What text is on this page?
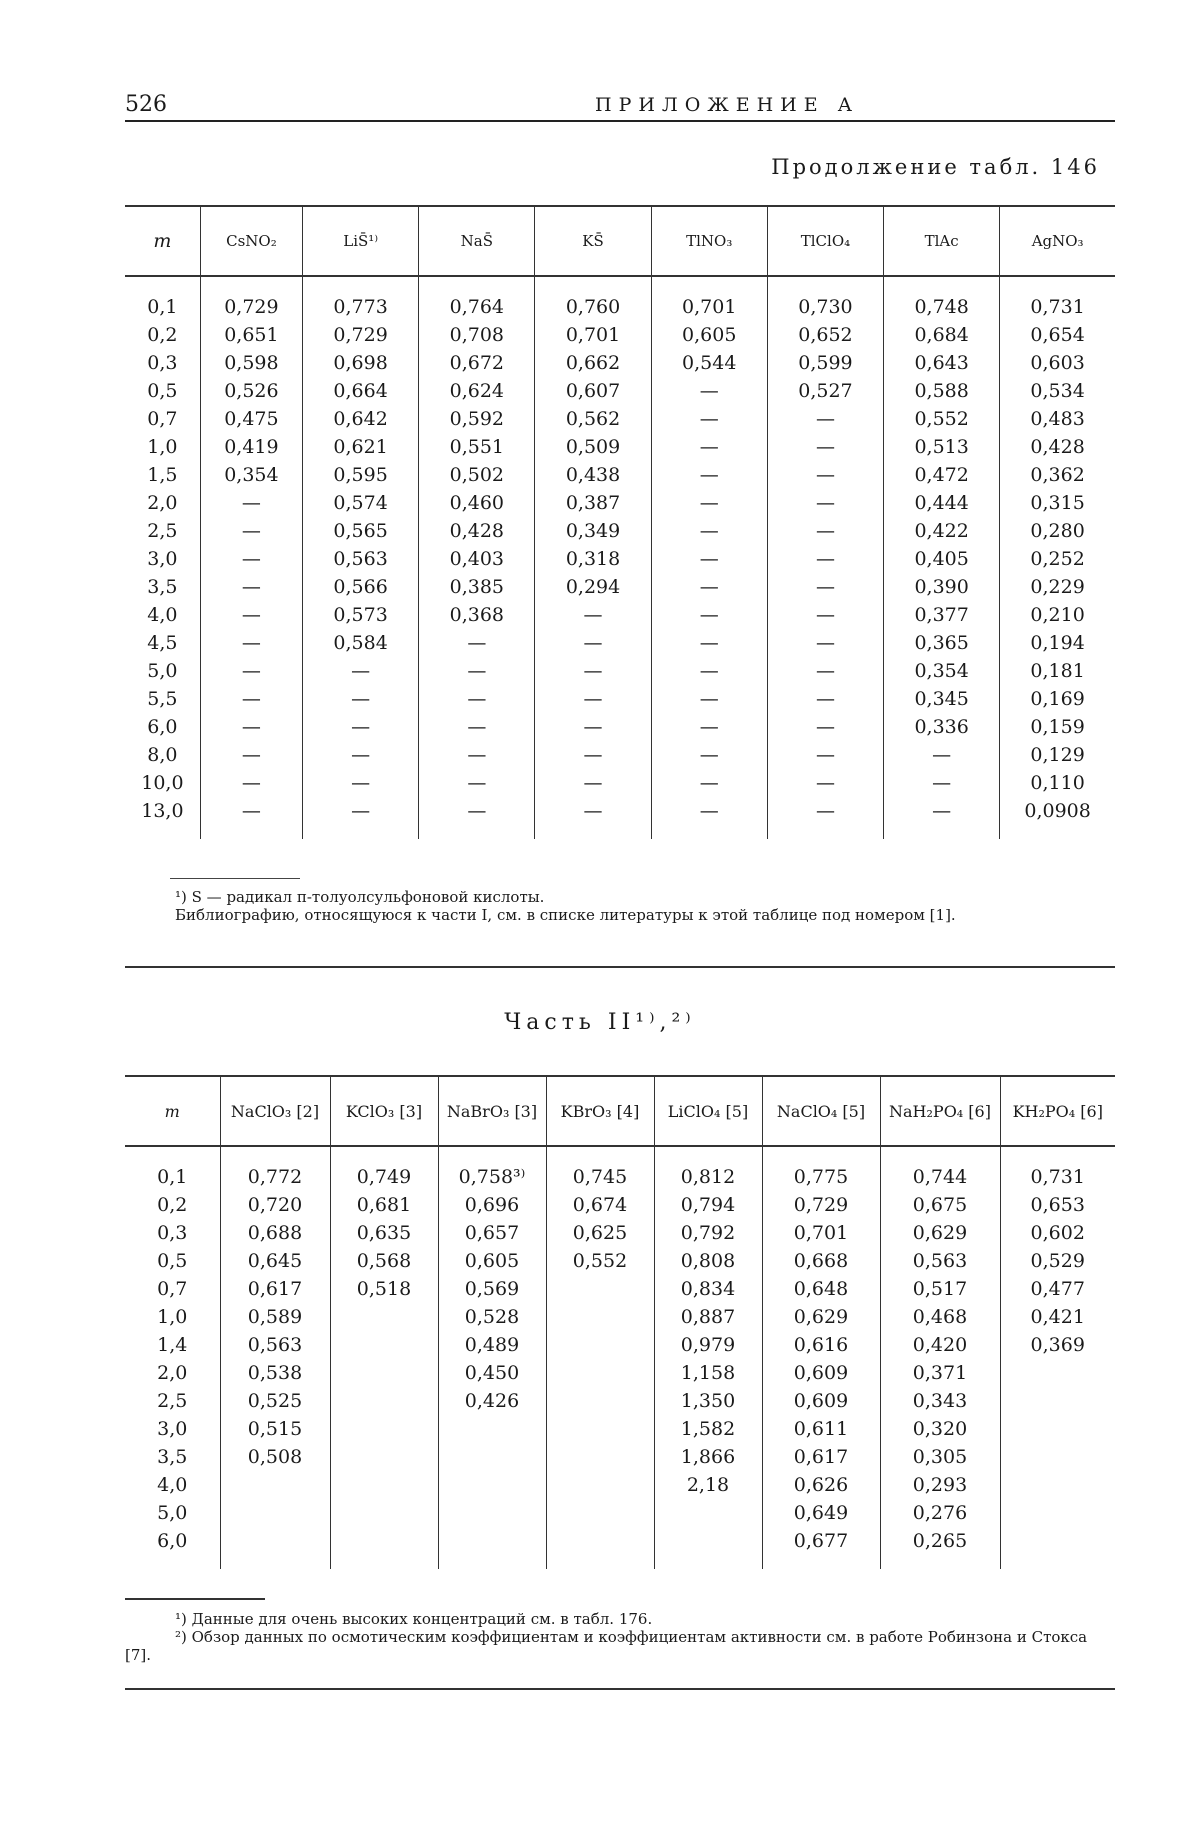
526	ПРИЛОЖЕНИЕ А
Продолжение табл. 146
m	CsNO₂	LiS̄¹⁾	NaS̄	KS̄	TlNO₃	TlClO₄	TlAc	AgNO₃
0,1	0,729	0,773	0,764	0,760	0,701	0,730	0,748	0,731
0,2	0,651	0,729	0,708	0,701	0,605	0,652	0,684	0,654
0,3	0,598	0,698	0,672	0,662	0,544	0,599	0,643	0,603
0,5	0,526	0,664	0,624	0,607	—	0,527	0,588	0,534
0,7	0,475	0,642	0,592	0,562	—	—	0,552	0,483
1,0	0,419	0,621	0,551	0,509	—	—	0,513	0,428
1,5	0,354	0,595	0,502	0,438	—	—	0,472	0,362
2,0	—	0,574	0,460	0,387	—	—	0,444	0,315
2,5	—	0,565	0,428	0,349	—	—	0,422	0,280
3,0	—	0,563	0,403	0,318	—	—	0,405	0,252
3,5	—	0,566	0,385	0,294	—	—	0,390	0,229
4,0	—	0,573	0,368	—	—	—	0,377	0,210
4,5	—	0,584	—	—	—	—	0,365	0,194
5,0	—	—	—	—	—	—	0,354	0,181
5,5	—	—	—	—	—	—	0,345	0,169
6,0	—	—	—	—	—	—	0,336	0,159
8,0	—	—	—	—	—	—	—	0,129
10,0	—	—	—	—	—	—	—	0,110
13,0	—	—	—	—	—	—	—	0,0908
¹) S — радикал п-толуолсульфоновой кислоты.
Библиографию, относящуюся к части I, см. в списке литературы к этой таблице под номером [1].
Часть II¹⁾,²⁾
m	NaClO₃ [2]	KClO₃ [3]	NaBrO₃ [3]	KBrO₃ [4]	LiClO₄ [5]	NaClO₄ [5]	NaH₂PO₄ [6]	KH₂PO₄ [6]
0,1	0,772	0,749	0,758³⁾	0,745	0,812	0,775	0,744	0,731
0,2	0,720	0,681	0,696	0,674	0,794	0,729	0,675	0,653
0,3	0,688	0,635	0,657	0,625	0,792	0,701	0,629	0,602
0,5	0,645	0,568	0,605	0,552	0,808	0,668	0,563	0,529
0,7	0,617	0,518	0,569		0,834	0,648	0,517	0,477
1,0	0,589		0,528		0,887	0,629	0,468	0,421
1,4	0,563		0,489		0,979	0,616	0,420	0,369
2,0	0,538		0,450		1,158	0,609	0,371	
2,5	0,525		0,426		1,350	0,609	0,343	
3,0	0,515				1,582	0,611	0,320	
3,5	0,508				1,866	0,617	0,305	
4,0					2,18	0,626	0,293	
5,0						0,649	0,276	
6,0						0,677	0,265	
¹) Данные для очень высоких концентраций см. в табл. 176.
²) Обзор данных по осмотическим коэффициентам и коэффициентам активности см. в работе Робинзона и Стокса [7].
